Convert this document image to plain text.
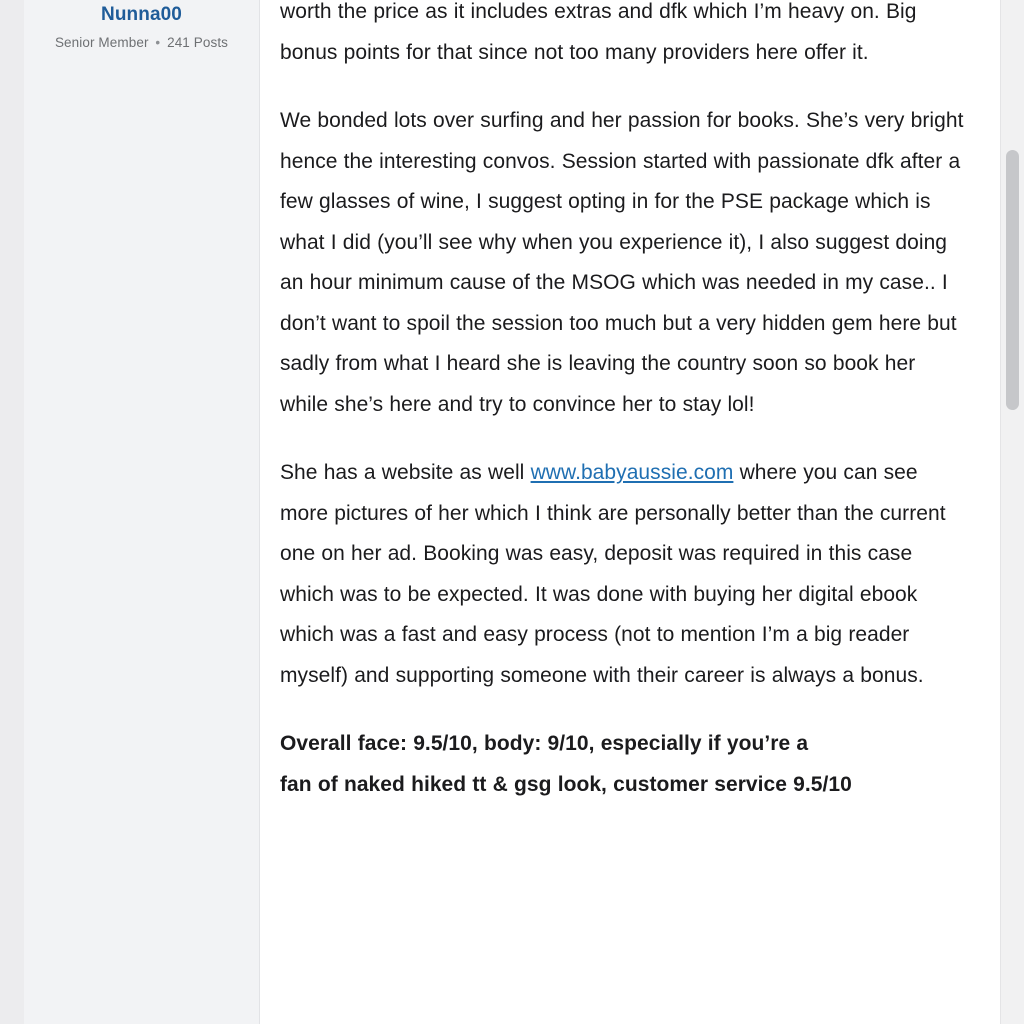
Nunna00
Senior Member • 241 Posts

worth the price as it includes extras and dfk which I’m heavy on. Big bonus points for that since not too many providers here offer it.

We bonded lots over surfing and her passion for books. She’s very bright hence the interesting convos. Session started with passionate dfk after a few glasses of wine, I suggest opting in for the PSE package which is what I did (you’ll see why when you experience it), I also suggest doing an hour minimum cause of the MSOG which was needed in my case.. I don’t want to spoil the session too much but a very hidden gem here but sadly from what I heard she is leaving the country soon so book her while she’s here and try to convince her to stay lol!

She has a website as well www.babyaussie.com where you can see more pictures of her which I think are personally better than the current one on her ad. Booking was easy, deposit was required in this case which was to be expected. It was done with buying her digital ebook which was a fast and easy process (not to mention I’m a big reader myself) and supporting someone with their career is always a bonus.

Overall face: 9.5/10, body: 9/10, especially if you’re a

fan of naked hiked tt & gsg look, customer service 9.5/10
